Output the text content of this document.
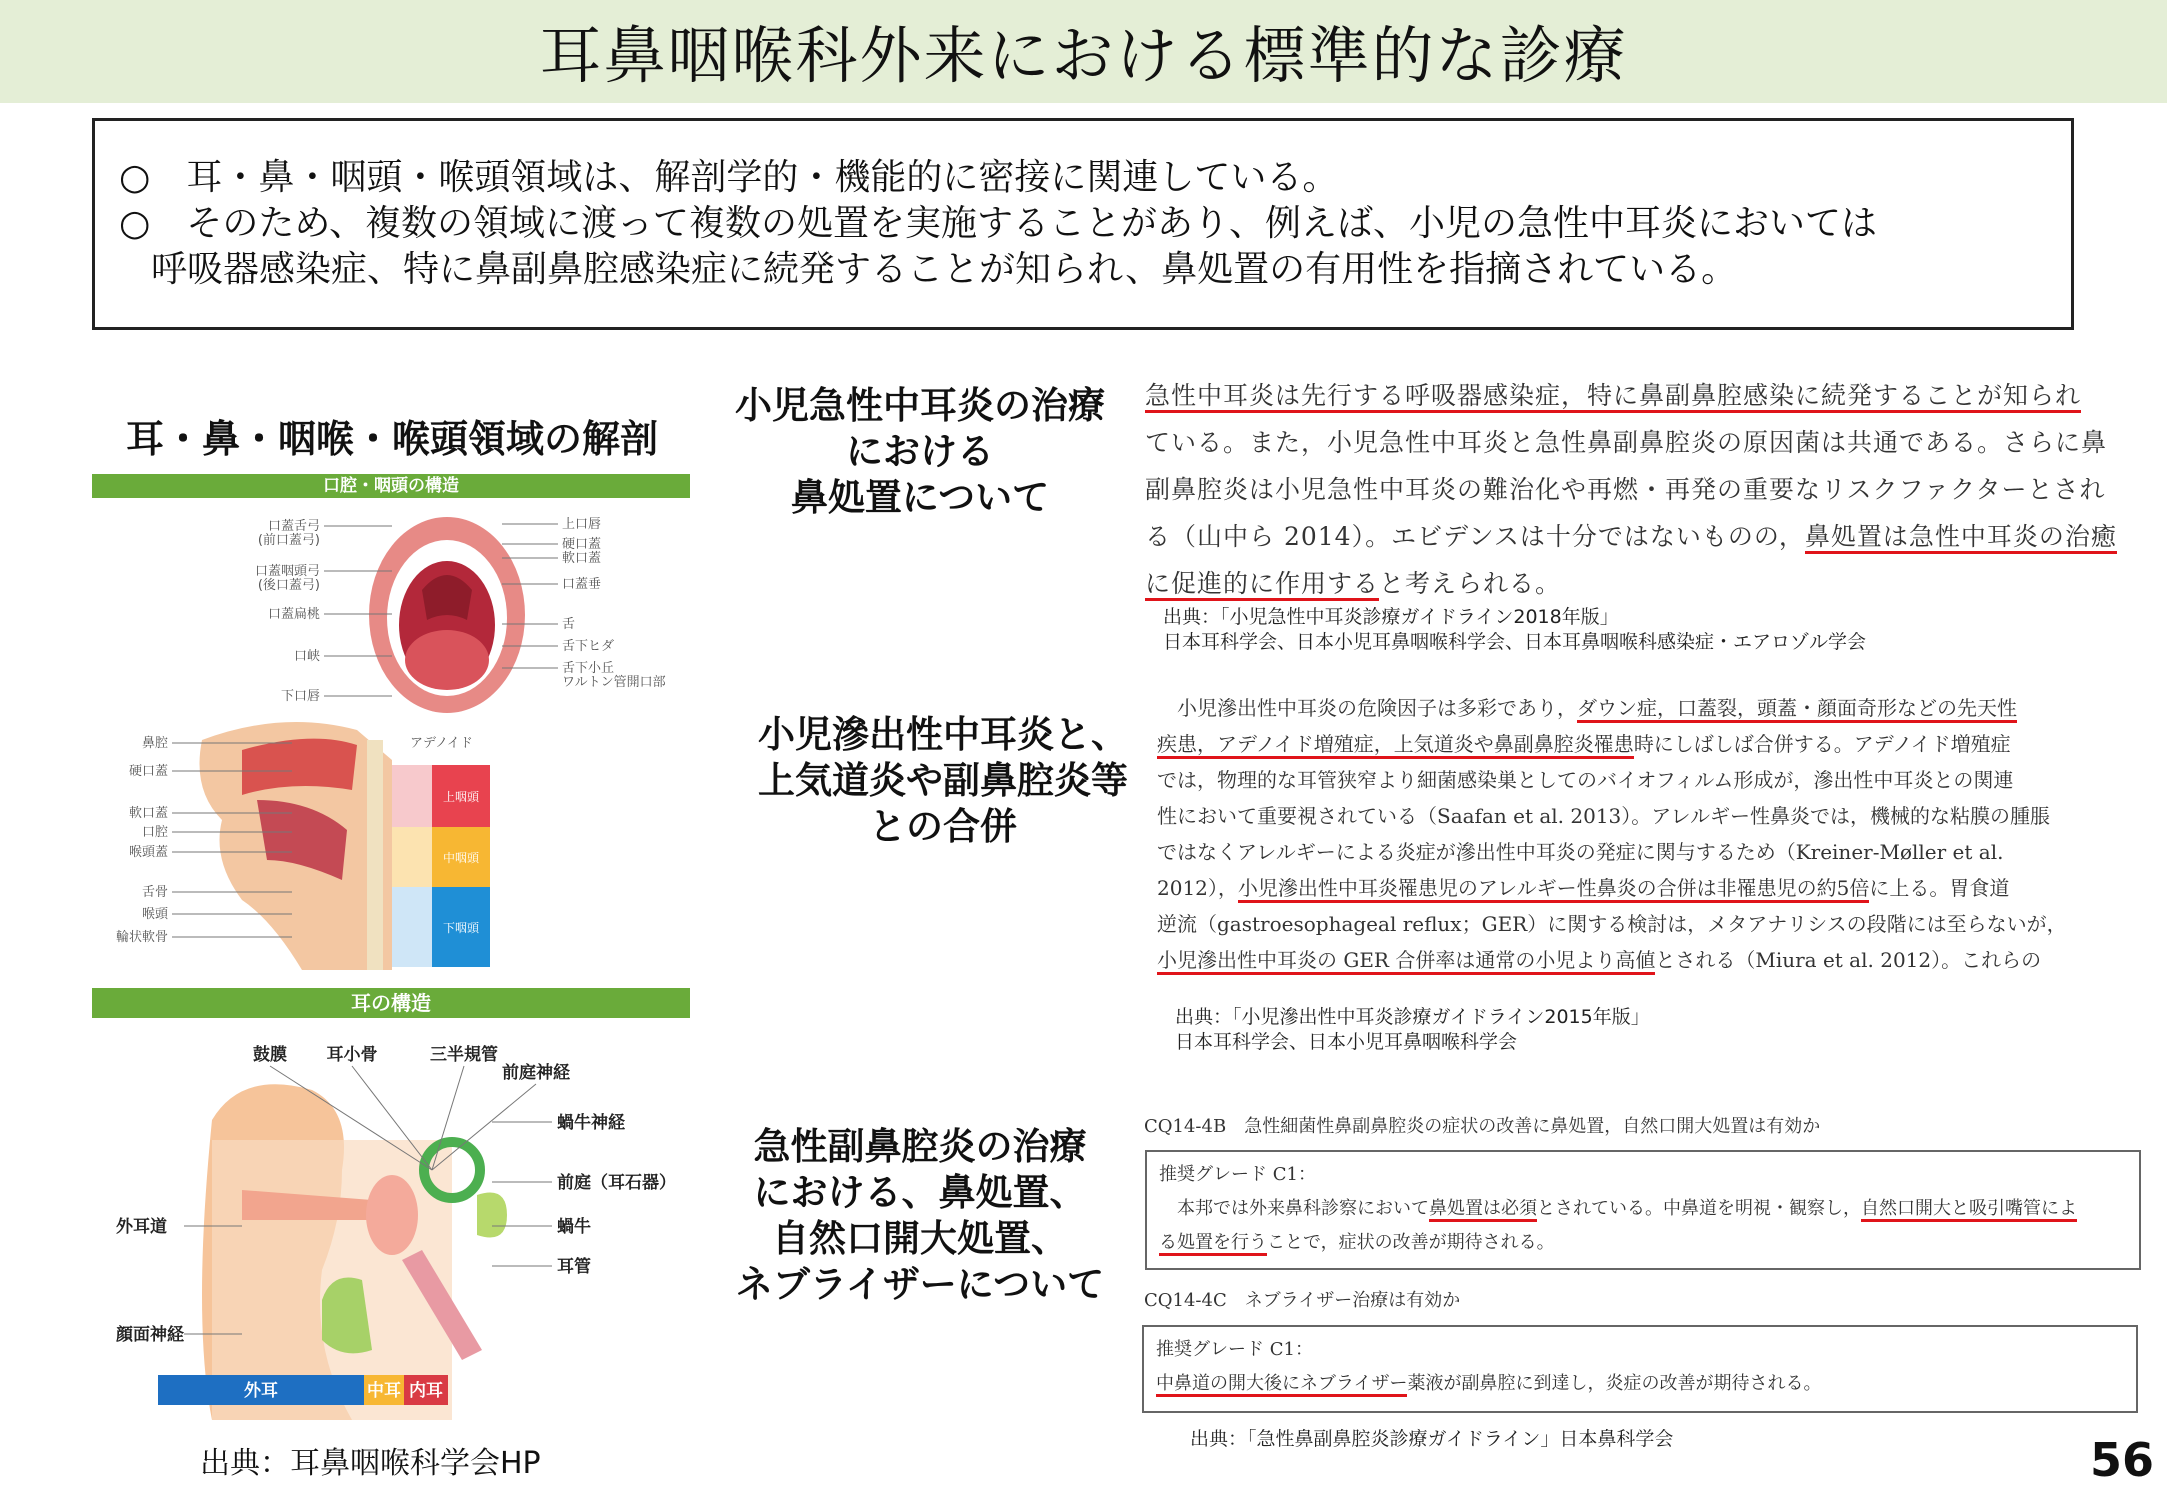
耳鼻咽喉科外来における標準的な診療

○　耳・鼻・咽頭・喉頭領域は、解剖学的・機能的に密接に関連している。

○　そのため、複数の領域に渡って複数の処置を実施することがあり、例えば、小児の急性中耳炎においては

呼吸器感染症、特に鼻副鼻腔感染症に続発することが知られ、鼻処置の有用性を指摘されている。

耳・鼻・咽喉・喉頭領域の解剖
口腔・咽頭の構造
口蓋舌弓
(前口蓋弓)
口蓋咽頭弓
(後口蓋弓)
口蓋扁桃
口峡
下口唇
上口唇
硬口蓋
軟口蓋
口蓋垂
舌
舌下ヒダ
舌下小丘
ワルトン管開口部
上咽頭
中咽頭
下咽頭
アデノイド
鼻腔
硬口蓋
軟口蓋
口腔
喉頭蓋
舌骨
喉頭
輪状軟骨
耳の構造
外耳	中耳 内耳
鼓膜 耳小骨	三半規管
前庭神経
蝸牛神経
前庭（耳石器）
蝸牛
耳管
外耳道
顔面神経
出典：耳鼻咽喉科学会HP
小児急性中耳炎の治療
における
鼻処置について
小児滲出性中耳炎と、
上気道炎や副鼻腔炎等
との合併
急性副鼻腔炎の治療
における、鼻処置、
自然口開大処置、
ネブライザーについて
急性中耳炎は先行する呼吸器感染症，特に鼻副鼻腔感染に続発することが知られ
ている。また，小児急性中耳炎と急性鼻副鼻腔炎の原因菌は共通である。さらに鼻
副鼻腔炎は小児急性中耳炎の難治化や再燃・再発の重要なリスクファクターとされ
る（山中ら 2014）。エビデンスは十分ではないものの，鼻処置は急性中耳炎の治癒
に促進的に作用すると考えられる。
出典：「小児急性中耳炎診療ガイドライン2018年版」
日本耳科学会、日本小児耳鼻咽喉科学会、日本耳鼻咽喉科感染症・エアロゾル学会
　小児滲出性中耳炎の危険因子は多彩であり，ダウン症，口蓋裂，頭蓋・顔面奇形などの先天性
疾患，アデノイド増殖症，上気道炎や鼻副鼻腔炎罹患時にしばしば合併する。アデノイド増殖症
では，物理的な耳管狭窄より細菌感染巣としてのバイオフィルム形成が，滲出性中耳炎との関連
性において重要視されている（Saafan et al. 2013）。アレルギー性鼻炎では，機械的な粘膜の腫脹
ではなくアレルギーによる炎症が滲出性中耳炎の発症に関与するため（Kreiner-Møller et al.
2012），小児滲出性中耳炎罹患児のアレルギー性鼻炎の合併は非罹患児の約5倍に上る。胃食道
逆流（gastroesophageal reflux；GER）に関する検討は，メタアナリシスの段階には至らないが，
小児滲出性中耳炎の GER 合併率は通常の小児より高値とされる（Miura et al. 2012）。これらの
出典：「小児滲出性中耳炎診療ガイドライン2015年版」
日本耳科学会、日本小児耳鼻咽喉科学会
CQ14-4B　急性細菌性鼻副鼻腔炎の症状の改善に鼻処置，自然口開大処置は有効か
推奨グレード C1：
　本邦では外来鼻科診察において鼻処置は必須とされている。中鼻道を明視・観察し，自然口開大と吸引嘴管によ
る処置を行うことで，症状の改善が期待される。
CQ14-4C　ネブライザー治療は有効か
推奨グレード C1：
中鼻道の開大後にネブライザー薬液が副鼻腔に到達し，炎症の改善が期待される。
出典：「急性鼻副鼻腔炎診療ガイドライン」日本鼻科学会	56
